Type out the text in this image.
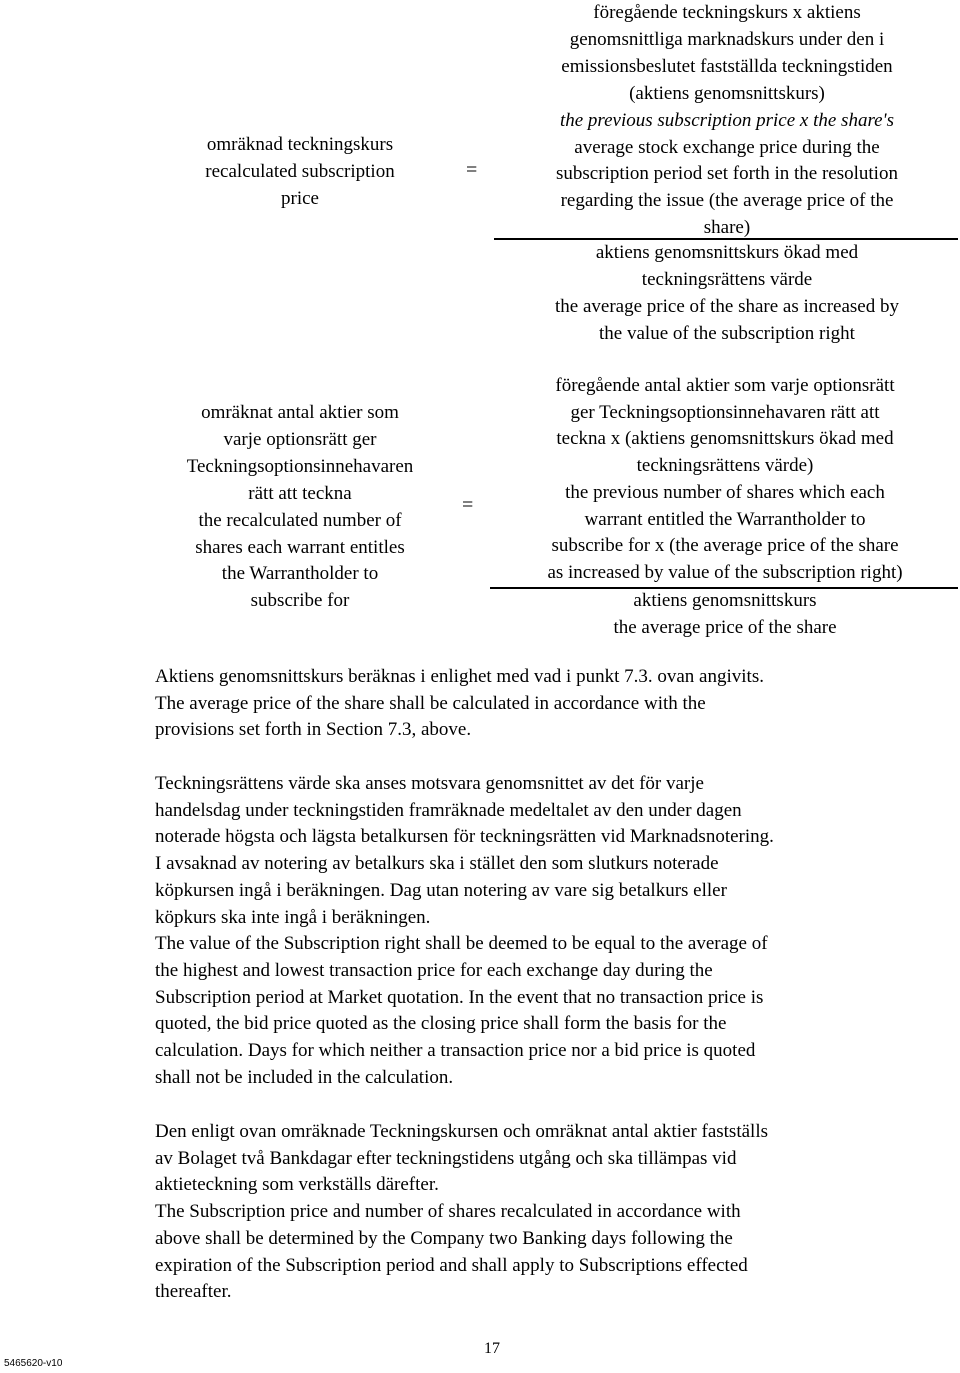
omräknad teckningskurs
recalculated subscription
price
=
föregående teckningskurs x aktiens
genomsnittliga marknadskurs under den i
emissionsbeslutet fastställda teckningstiden
(aktiens genomsnittskurs)
the previous subscription price x the share's
average stock exchange price during the
subscription period set forth in the resolution
regarding the issue (the average price of the
share)
aktiens genomsnittskurs ökad med
teckningsrättens värde
the average price of the share as increased by
the value of the subscription right
omräknat antal aktier som
varje optionsrätt ger
Teckningsoptionsinnehavaren
rätt att teckna
the recalculated number of
shares each warrant entitles
the Warrantholder to
subscribe for
=
föregående antal aktier som varje optionsrätt
ger Teckningsoptionsinnehavaren rätt att
teckna x (aktiens genomsnittskurs ökad med
teckningsrättens värde)
the previous number of shares which each
warrant entitled the Warrantholder to
subscribe for x (the average price of the share
as increased by value of the subscription right)
aktiens genomsnittskurs
the average price of the share
Aktiens genomsnittskurs beräknas i enlighet med vad i punkt 7.3. ovan angivits.
The average price of the share shall be calculated in accordance with the
provisions set forth in Section 7.3, above.
Teckningsrättens värde ska anses motsvara genomsnittet av det för varje
handelsdag under teckningstiden framräknade medeltalet av den under dagen
noterade högsta och lägsta betalkursen för teckningsrätten vid Marknadsnotering.
I avsaknad av notering av betalkurs ska i stället den som slutkurs noterade
köpkursen ingå i beräkningen. Dag utan notering av vare sig betalkurs eller
köpkurs ska inte ingå i beräkningen.
The value of the Subscription right shall be deemed to be equal to the average of
the highest and lowest transaction price for each exchange day during the
Subscription period at Market quotation. In the event that no transaction price is
quoted, the bid price quoted as the closing price shall form the basis for the
calculation. Days for which neither a transaction price nor a bid price is quoted
shall not be included in the calculation.
Den enligt ovan omräknade Teckningskursen och omräknat antal aktier fastställs
av Bolaget två Bankdagar efter teckningstidens utgång och ska tillämpas vid
aktieteckning som verkställs därefter.
The Subscription price and number of shares recalculated in accordance with
above shall be determined by the Company two Banking days following the
expiration of the Subscription period and shall apply to Subscriptions effected
thereafter.
17
5465620-v10
